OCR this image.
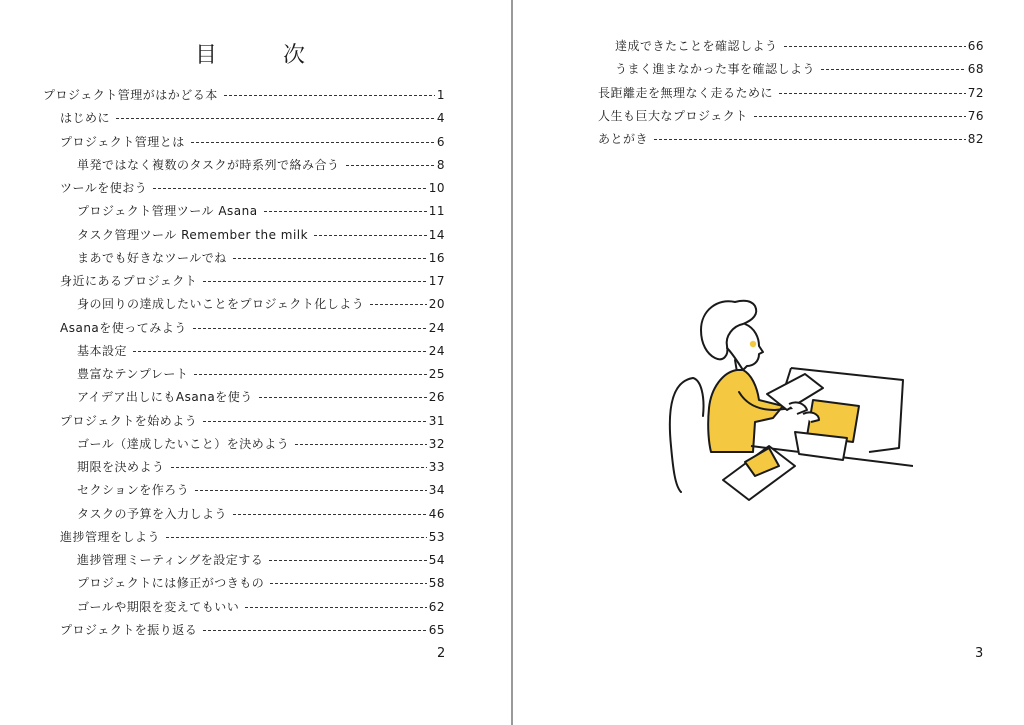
目　次
プロジェクト管理がはかどる本	1
はじめに	4
プロジェクト管理とは	6
単発ではなく複数のタスクが時系列で絡み合う	8
ツールを使おう	10
プロジェクト管理ツール Asana	11
タスク管理ツール Remember the milk	14
まあでも好きなツールでね	16
身近にあるプロジェクト	17
身の回りの達成したいことをプロジェクト化しよう	20
Asanaを使ってみよう	24
基本設定	24
豊富なテンプレート	25
アイデア出しにもAsanaを使う	26
プロジェクトを始めよう	31
ゴール（達成したいこと）を決めよう	32
期限を決めよう	33
セクションを作ろう	34
タスクの予算を入力しよう	46
進捗管理をしよう	53
進捗管理ミーティングを設定する	54
プロジェクトには修正がつきもの	58
ゴールや期限を変えてもいい	62
プロジェクトを振り返る	65
2
達成できたことを確認しよう	66
うまく進まなかった事を確認しよう	68
長距離走を無理なく走るために	72
人生も巨大なプロジェクト	76
あとがき	82
3
